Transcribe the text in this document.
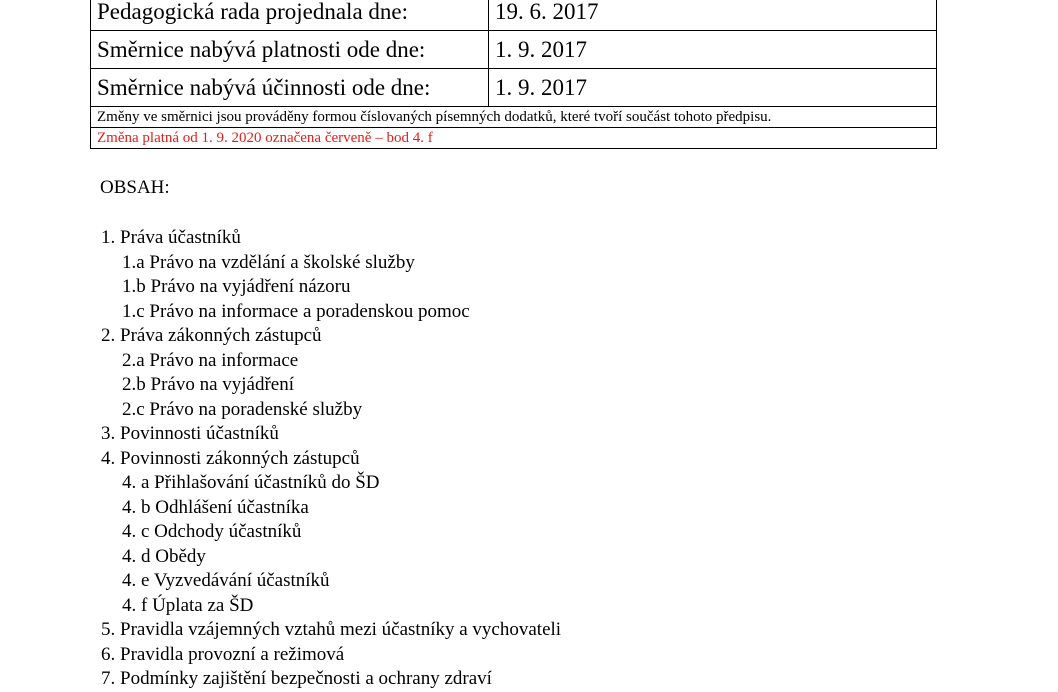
Pedagogická rada projednala dne:	19. 6. 2017
Směrnice nabývá platnosti ode dne:	1. 9. 2017
Směrnice nabývá účinnosti ode dne:	1. 9. 2017
Změny ve směrnici jsou prováděny formou číslovaných písemných dodatků, které tvoří součást tohoto předpisu.	
Změna platná od 1. 9. 2020 označena červeně – bod 4. f	
OBSAH:
1. Práva účastníků
1.a Právo na vzdělání a školské služby
1.b Právo na vyjádření názoru
1.c Právo na informace a poradenskou pomoc
2. Práva zákonných zástupců
2.a Právo na informace
2.b Právo na vyjádření
2.c Právo na poradenské služby
3. Povinnosti účastníků
4. Povinnosti zákonných zástupců
4. a Přihlašování účastníků do ŠD
4. b Odhlášení účastníka
4. c Odchody účastníků
4. d Obědy
4. e Vyzvedávání účastníků
4. f Úplata za ŠD
5. Pravidla vzájemných vztahů mezi účastníky a vychovateli
6. Pravidla provozní a režimová
7. Podmínky zajištění bezpečnosti a ochrany zdraví
